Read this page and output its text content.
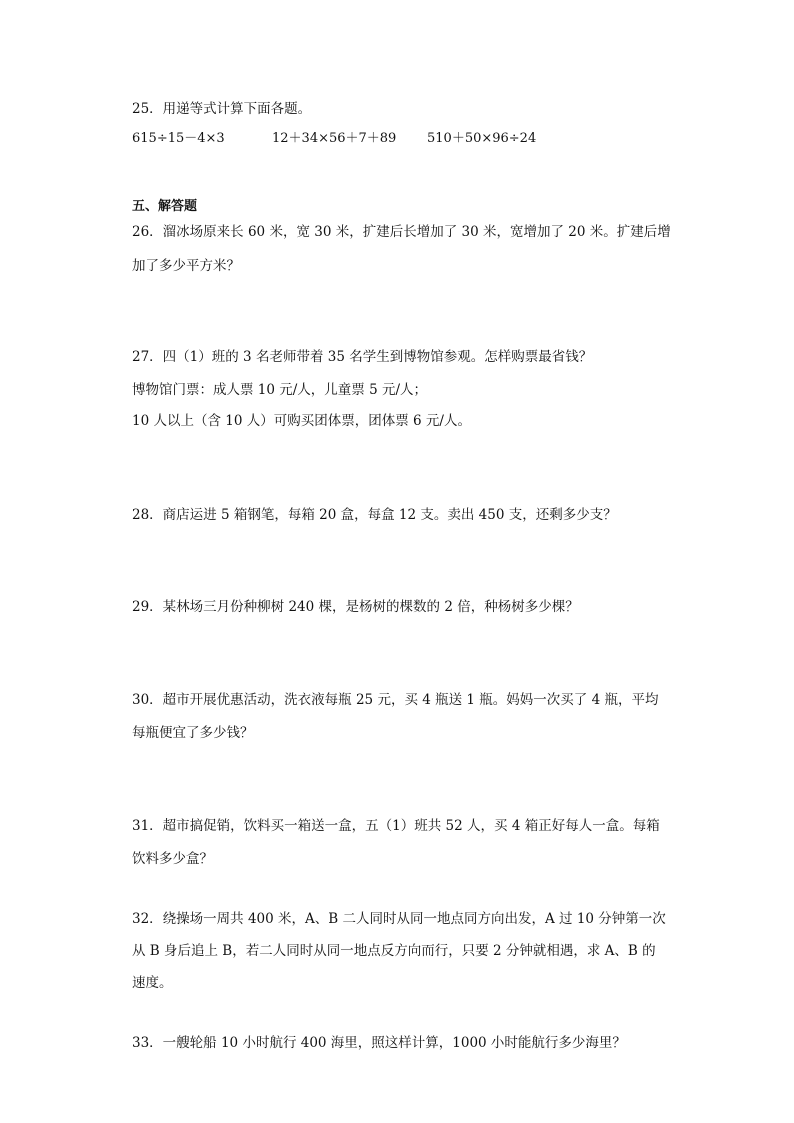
25．用递等式计算下面各题。
615÷15－4×3	12＋34×56＋7＋89 510＋50×96÷24
五、解答题
26．溜冰场原来长 60 米，宽 30 米，扩建后长增加了 30 米，宽增加了 20 米。扩建后增
加了多少平方米？
27．四（1）班的 3 名老师带着 35 名学生到博物馆参观。怎样购票最省钱？
博物馆门票：成人票 10 元/人，儿童票 5 元/人；
10 人以上（含 10 人）可购买团体票，团体票 6 元/人。
28．商店运进 5 箱钢笔，每箱 20 盒，每盒 12 支。卖出 450 支，还剩多少支？
29．某林场三月份种柳树 240 棵，是杨树的棵数的 2 倍，种杨树多少棵？
30．超市开展优惠活动，洗衣液每瓶 25 元，买 4 瓶送 1 瓶。妈妈一次买了 4 瓶，平均
每瓶便宜了多少钱？
31．超市搞促销，饮料买一箱送一盒，五（1）班共 52 人，买 4 箱正好每人一盒。每箱
饮料多少盒？
32．绕操场一周共 400 米，A、B 二人同时从同一地点同方向出发，A 过 10 分钟第一次
从 B 身后追上 B，若二人同时从同一地点反方向而行，只要 2 分钟就相遇，求 A、B 的
速度。
33．一艘轮船 10 小时航行 400 海里，照这样计算，1000 小时能航行多少海里？
